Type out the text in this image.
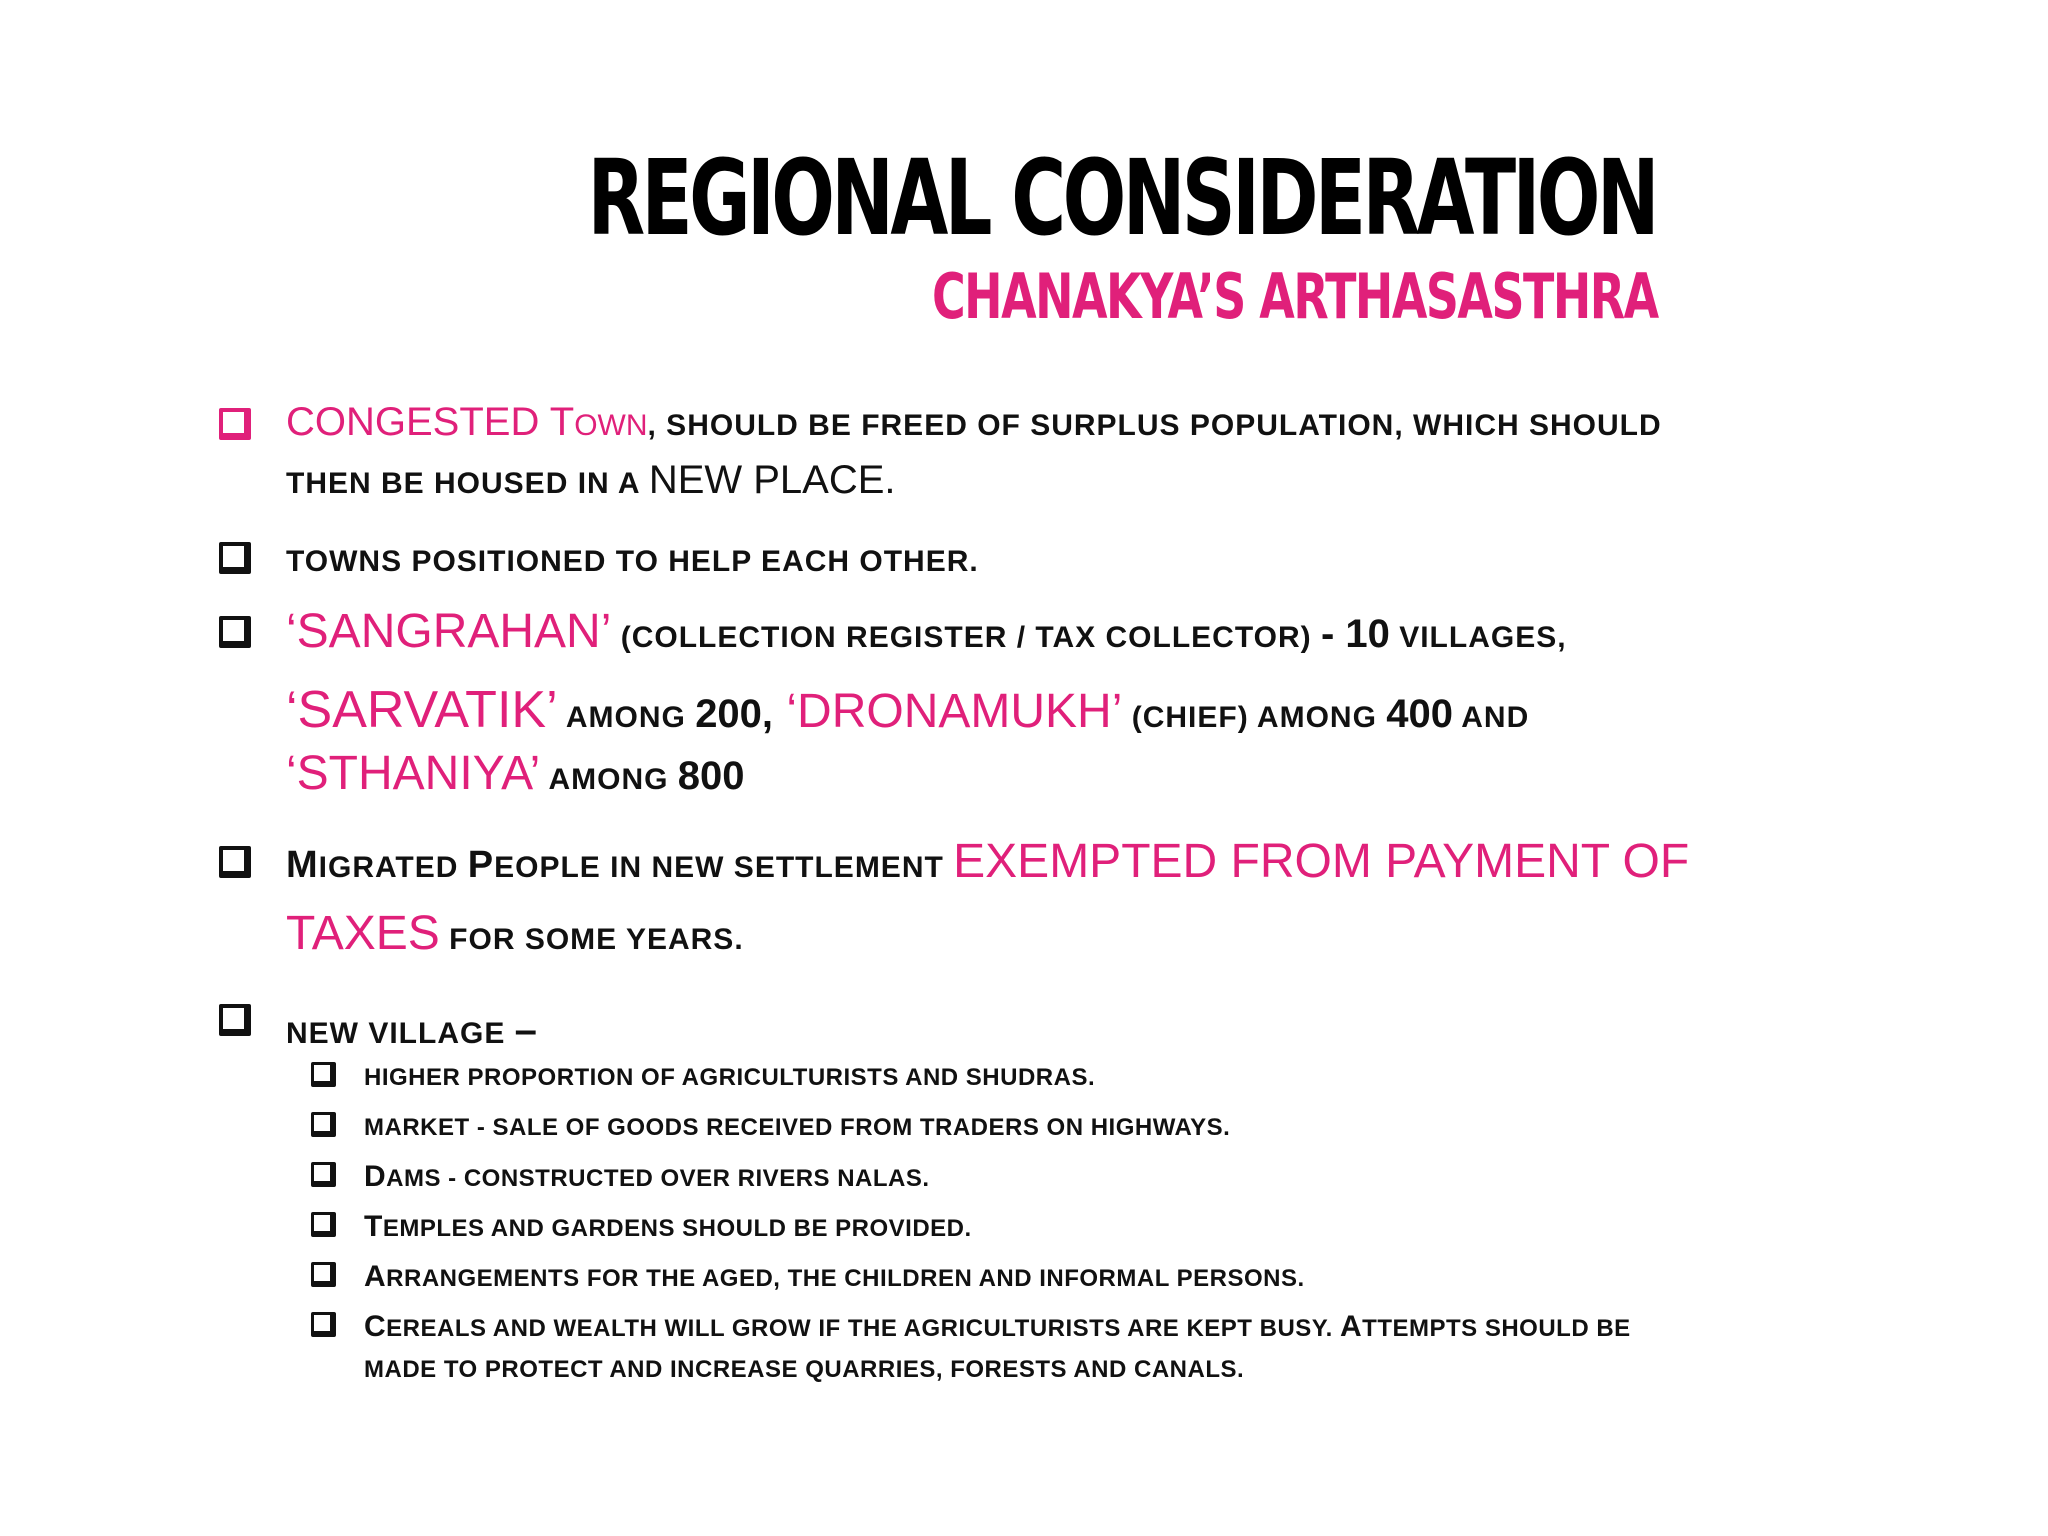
REGIONAL CONSIDERATION
CHANAKYA’S ARTHASASTHRA
CONGESTED TOWN, SHOULD BE FREED OF SURPLUS POPULATION, WHICH SHOULD
THEN BE HOUSED IN A NEW PLACE.
TOWNS POSITIONED TO HELP EACH OTHER.
‘SANGRAHAN’ (COLLECTION REGISTER / TAX COLLECTOR) - 10 VILLAGES,
‘SARVATIK’ AMONG 200, ‘DRONAMUKH’ (CHIEF) AMONG 400 AND
‘STHANIYA’ AMONG 800
MIGRATED PEOPLE IN NEW SETTLEMENT EXEMPTED FROM PAYMENT OF
TAXES FOR SOME YEARS.
NEW VILLAGE –
HIGHER PROPORTION OF AGRICULTURISTS AND SHUDRAS.
MARKET - SALE OF GOODS RECEIVED FROM TRADERS ON HIGHWAYS.
DAMS - CONSTRUCTED OVER RIVERS NALAS.
TEMPLES AND GARDENS SHOULD BE PROVIDED.
ARRANGEMENTS FOR THE AGED, THE CHILDREN AND INFORMAL PERSONS.
CEREALS AND WEALTH WILL GROW IF THE AGRICULTURISTS ARE KEPT BUSY. ATTEMPTS SHOULD BE
MADE TO PROTECT AND INCREASE QUARRIES, FORESTS AND CANALS.
